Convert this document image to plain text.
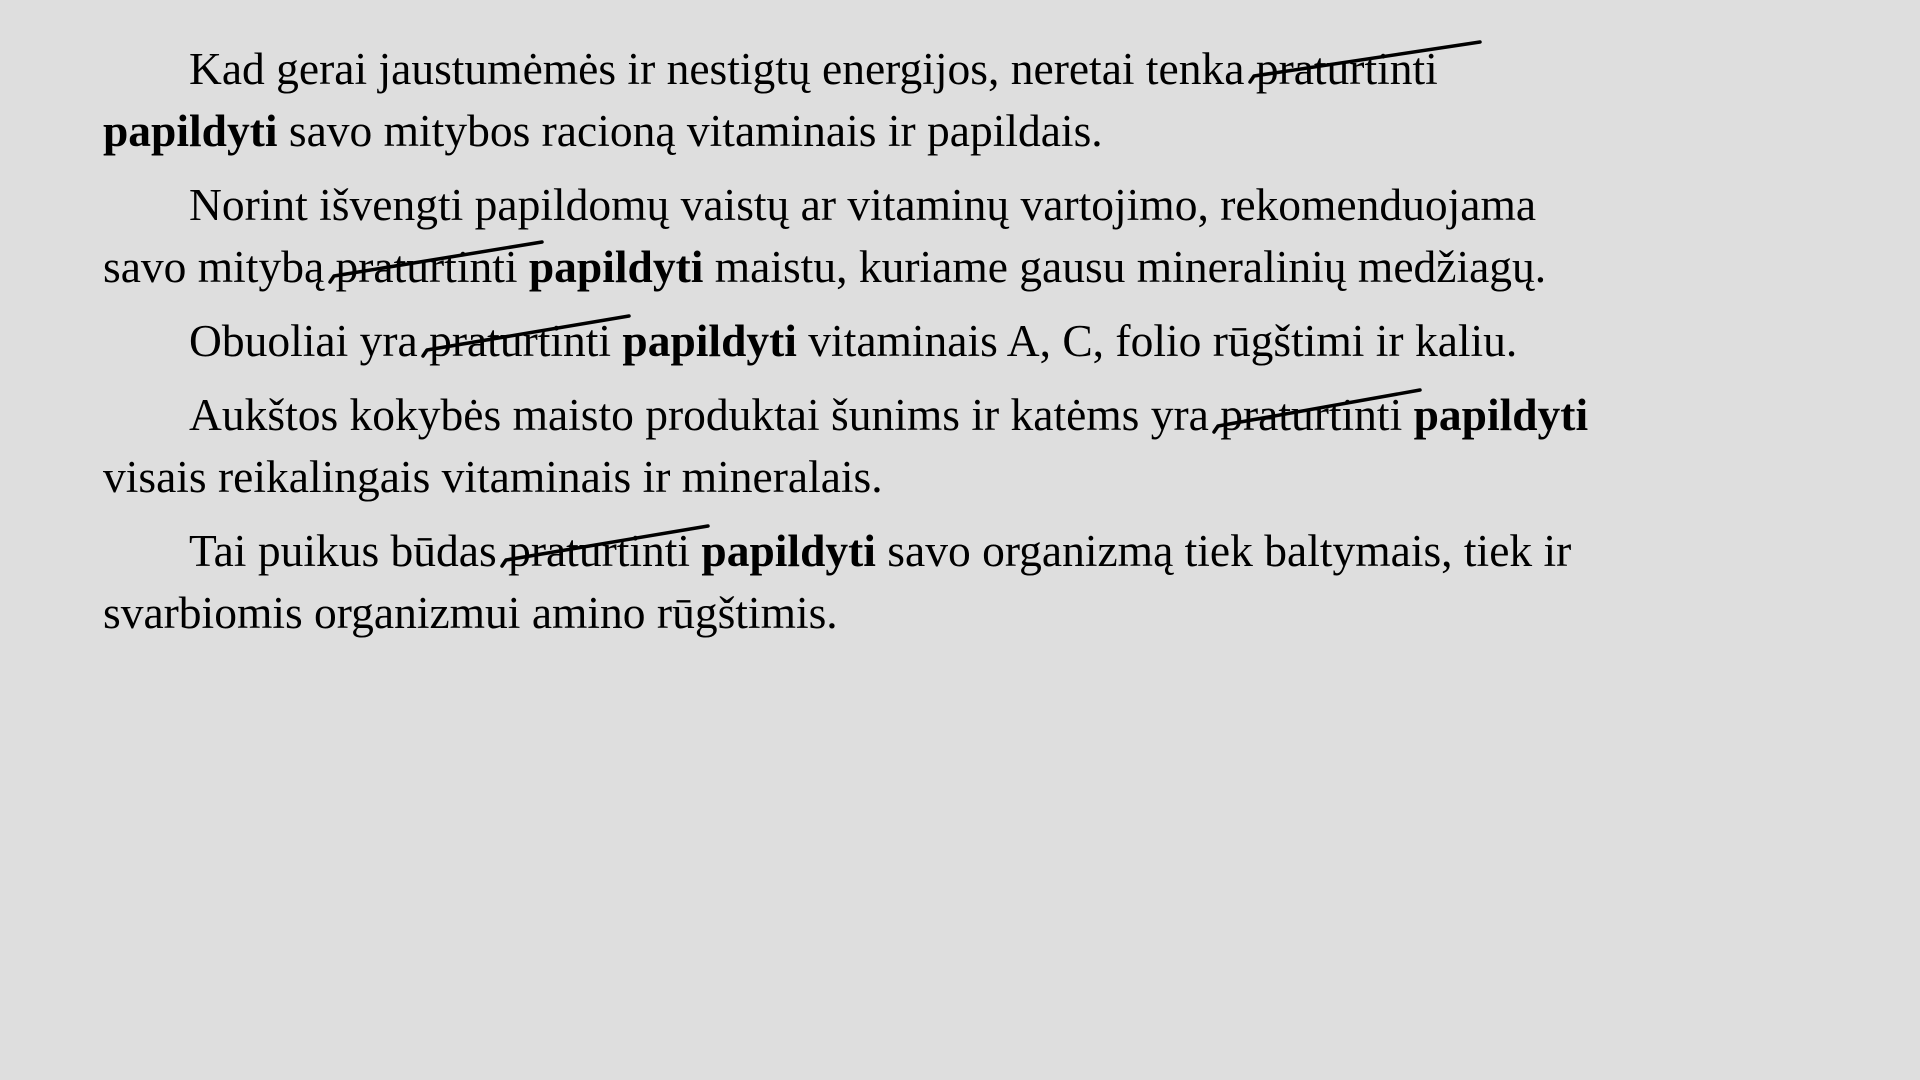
Kad gerai jaustumėmės ir nestigtų energijos, neretai tenka praturtinti

papildyti savo mitybos racioną vitaminais ir papildais.

Norint išvengti papildomų vaistų ar vitaminų vartojimo, rekomenduojama
savo mitybą praturtinti papildyti maistu, kuriame gausu mineralinių medžiagų.

Obuoliai yra praturtinti papildyti vitaminais A, C, folio rūgštimi ir kaliu.

Aukštos kokybės maisto produktai šunims ir katėms yra praturtinti papildyti
visais reikalingais vitaminais ir mineralais.

Tai puikus būdas praturtinti papildyti savo organizmą tiek baltymais, tiek ir
svarbiomis organizmui amino rūgštimis.
